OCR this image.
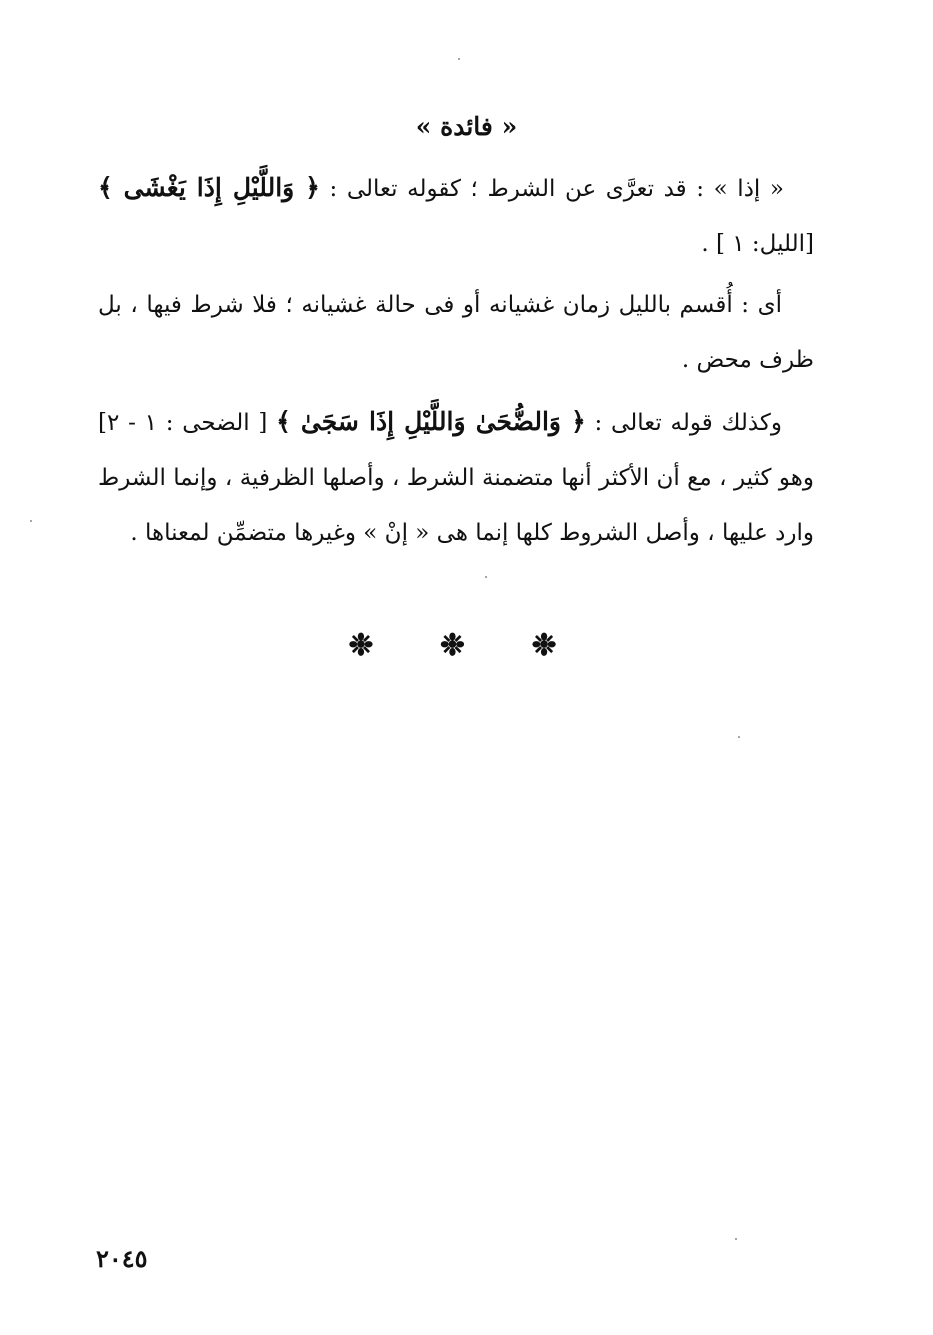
« فائدة »

« إذا » : قد تعرَّى عن الشرط ؛ كقوله تعالى : ﴿ وَاللَّيْلِ إِذَا يَغْشَى ﴾ [الليل: ١ ] .

أى : أُقسم بالليل زمان غشيانه أو فى حالة غشيانه ؛ فلا شرط فيها ، بل ظرف محض .

وكذلك قوله تعالى : ﴿ وَالضُّحَىٰ وَاللَّيْلِ إِذَا سَجَىٰ ﴾ [ الضحى : ١ - ٢] وهو كثير ، مع أن الأكثر أنها متضمنة الشرط ، وأصلها الظرفية ، وإنما الشرط وارد عليها ، وأصل الشروط كلها إنما هى « إنْ » وغيرها متضمِّن لمعناها .

❉ ❉ ❉
٢٠٤٥
